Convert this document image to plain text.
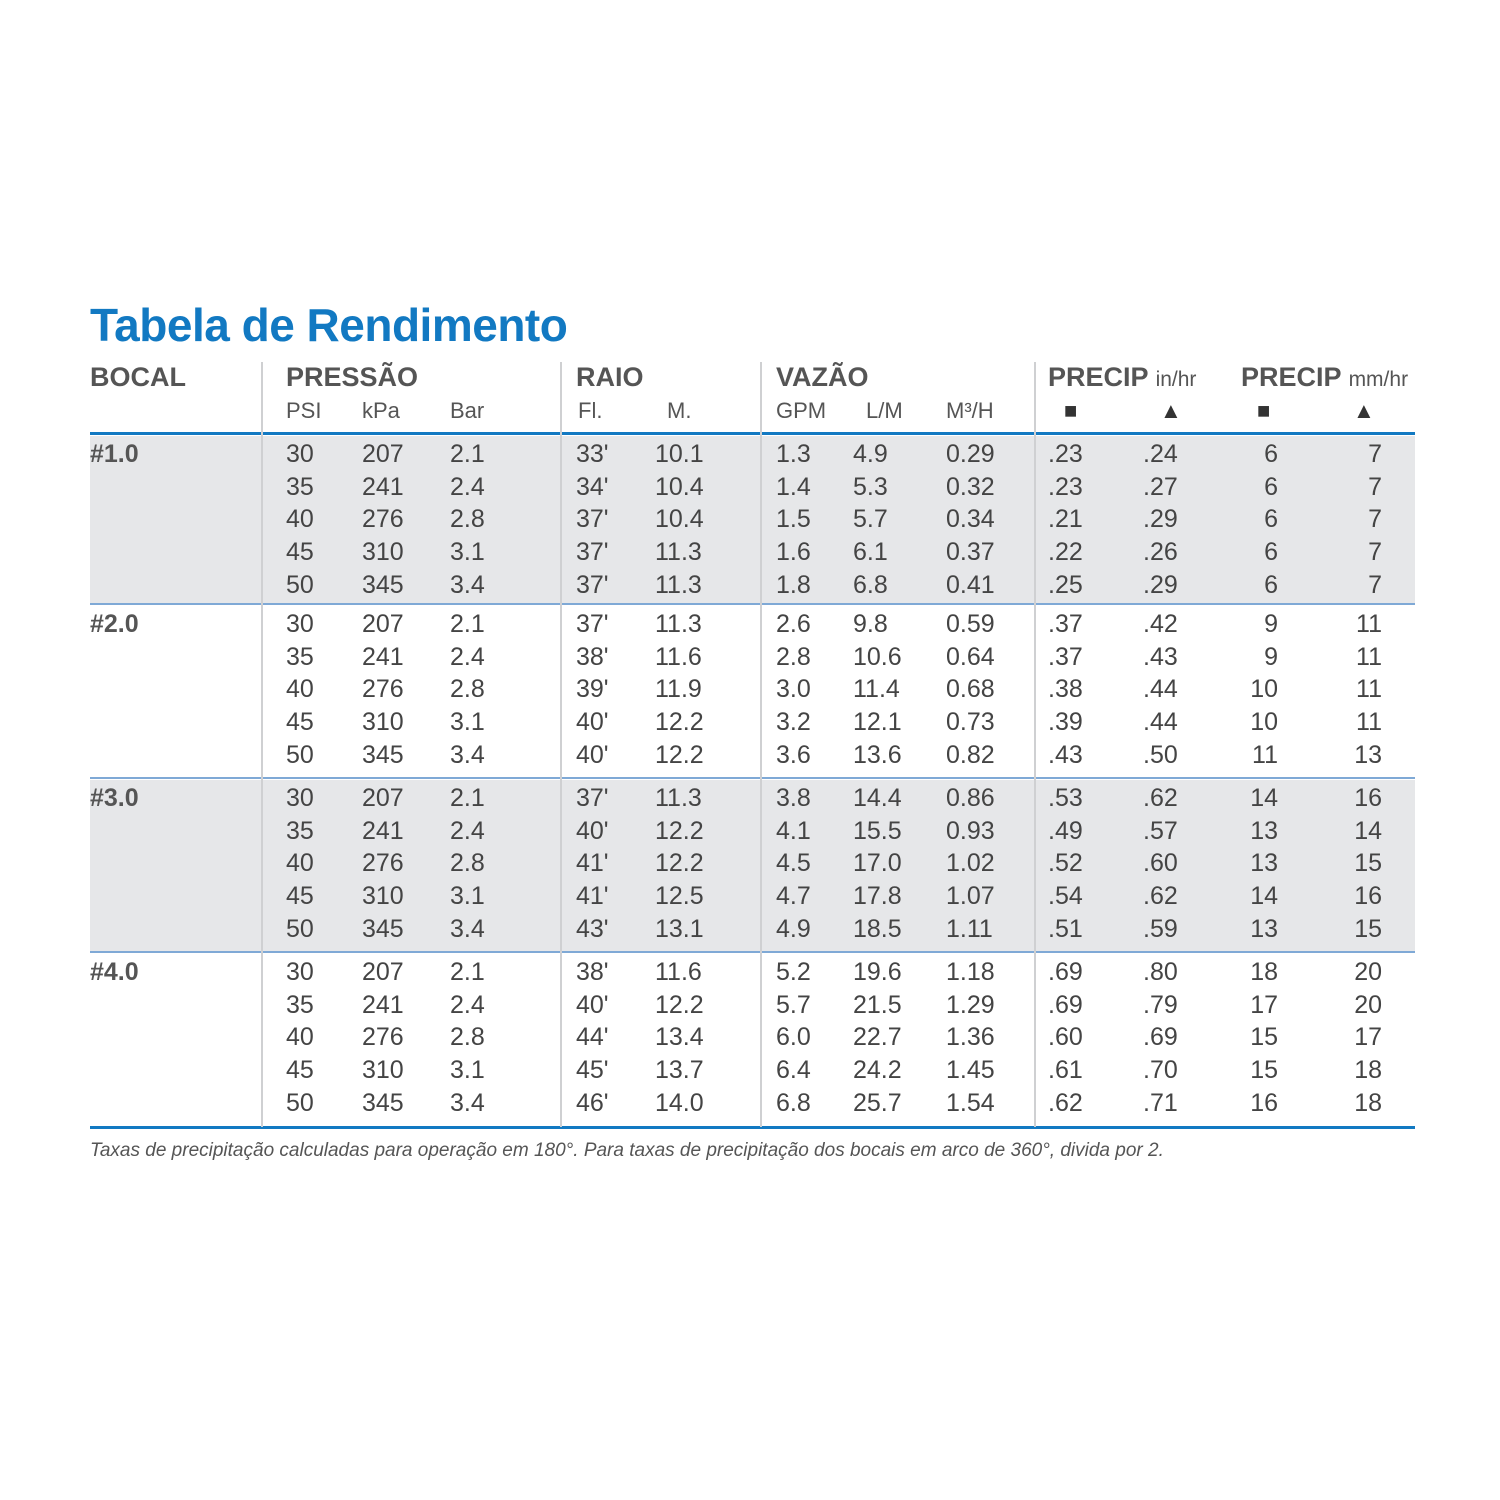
Tabela de Rendimento
BOCAL	PRESSÃO	RAIO	VAZÃO	PRECIP in/hr PRECIP mm/hr
PSI kPa Bar	Fl.	M.	GPM L/M M³/H	■	▲	■	▲
#1.0	30	207	2.1	33'	10.1	1.3	4.9	0.29	.23	.24	6	7
35	241	2.4	34'	10.4	1.4	5.3	0.32	.23	.27	6	7
40	276	2.8	37'	10.4	1.5	5.7	0.34	.21	.29	6	7
45	310	3.1	37'	11.3	1.6	6.1	0.37	.22	.26	6	7
50	345	3.4	37'	11.3	1.8	6.8	0.41	.25	.29	6	7
#2.0	30	207	2.1	37'	11.3	2.6	9.8	0.59	.37	.42	9	11
35	241	2.4	38'	11.6	2.8	10.6	0.64	.37	.43	9	11
40	276	2.8	39'	11.9	3.0	11.4	0.68	.38	.44	10	11
45	310	3.1	40'	12.2	3.2	12.1	0.73	.39	.44	10	11
50	345	3.4	40'	12.2	3.6	13.6	0.82	.43	.50	11	13
#3.0	30	207	2.1	37'	11.3	3.8	14.4	0.86	.53	.62	14	16
35	241	2.4	40'	12.2	4.1	15.5	0.93	.49	.57	13	14
40	276	2.8	41'	12.2	4.5	17.0	1.02	.52	.60	13	15
45	310	3.1	41'	12.5	4.7	17.8	1.07	.54	.62	14	16
50	345	3.4	43'	13.1	4.9	18.5	1.11	.51	.59	13	15
#4.0	30	207	2.1	38'	11.6	5.2	19.6	1.18	.69	.80	18	20
35	241	2.4	40'	12.2	5.7	21.5	1.29	.69	.79	17	20
40	276	2.8	44'	13.4	6.0	22.7	1.36	.60	.69	15	17
45	310	3.1	45'	13.7	6.4	24.2	1.45	.61	.70	15	18
50	345	3.4	46'	14.0	6.8	25.7	1.54	.62	.71	16	18
Taxas de precipitação calculadas para operação em 180°. Para taxas de precipitação dos bocais em arco de 360°, divida por 2.
